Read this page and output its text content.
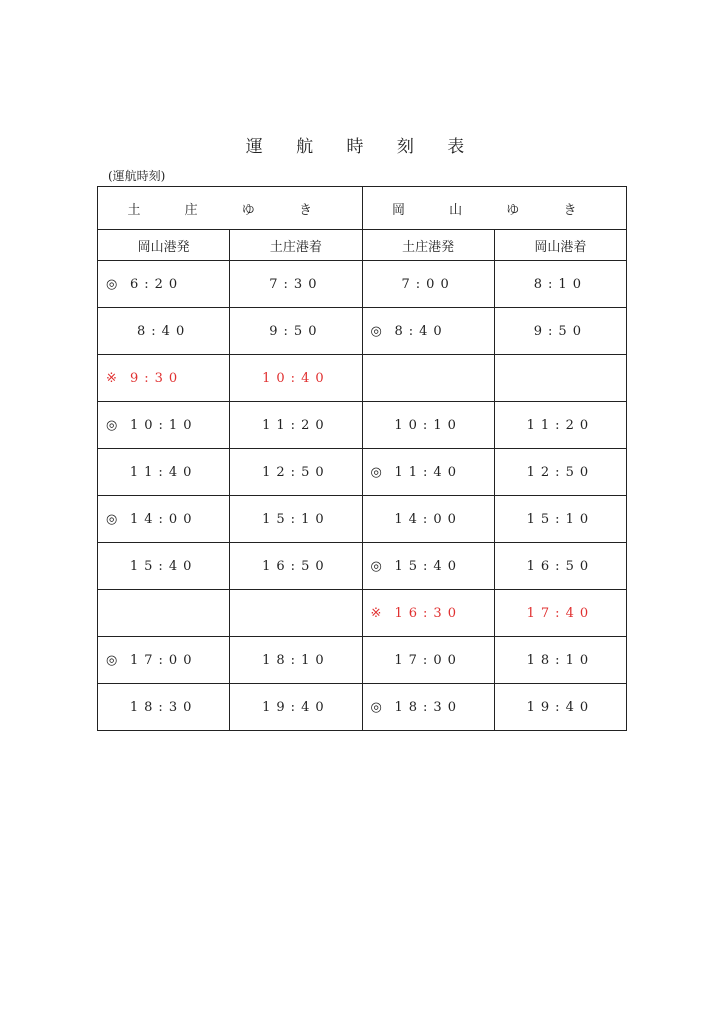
運 航 時 刻 表
(運航時刻)
土 庄 ゆ き		岡 山 ゆ き	
岡山港発	土庄港着	土庄港発	岡山港着

◎ 6:20	7:30	7:00	8:10

8:40	9:50	◎ 8:40	9:50

※ 9:30	10:40		

◎ 10:10	11:20	10:10	11:20

11:40	12:50	◎ 11:40	12:50

◎ 14:00	15:10	14:00	15:10

15:40	16:50	◎ 15:40	16:50

		※ 16:30	17:40

◎ 17:00	18:10	17:00	18:10

18:30	19:40	◎ 18:30	19:40
